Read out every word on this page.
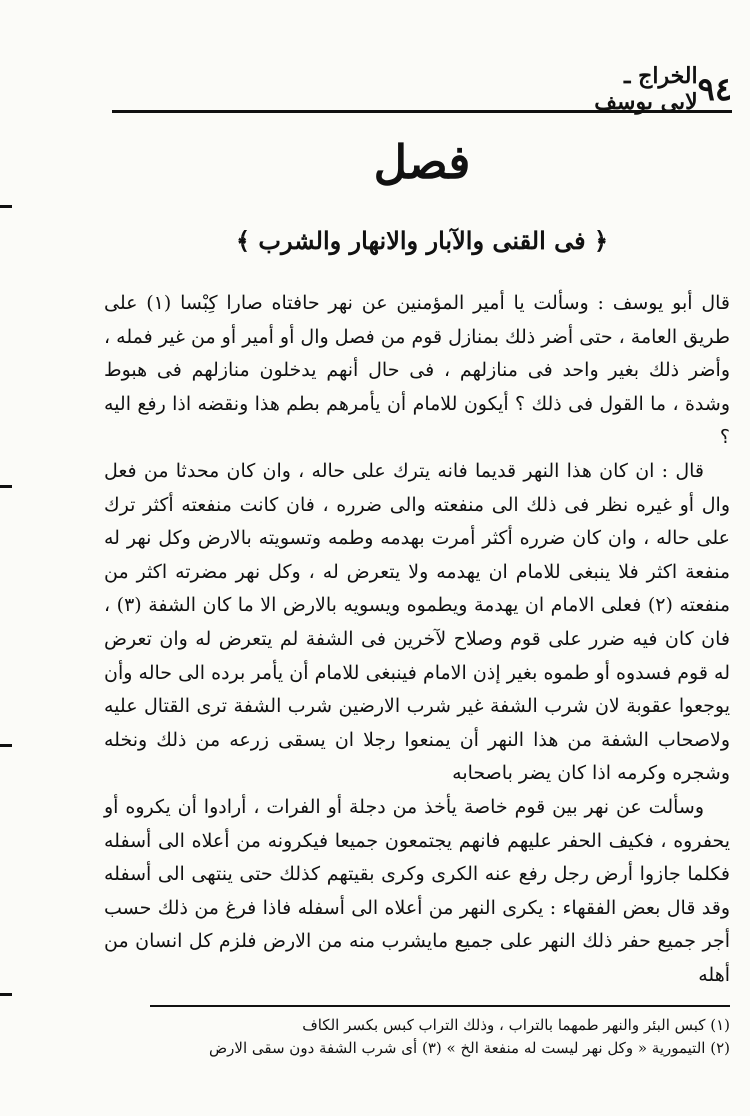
٩٤
الخراج ـ لابى يوسف
فصل
﴿ فى القنى والآبار والانهار والشرب ﴾

قال أبو يوسف : وسألت يا أمير المؤمنين عن نهر حافتاه صارا كِبْسا (١) على طريق العامة ، حتى أضر ذلك بمنازل قوم من فصل وال أو أمير أو من غير فمله ، وأضر ذلك بغير واحد فى منازلهم ، فى حال أنهم يدخلون منازلهم فى هبوط وشدة ، ما القول فى ذلك ؟ أيكون للامام أن يأمرهم بطم هذا ونقضه اذا رفع اليه ؟

قال : ان كان هذا النهر قديما فانه يترك على حاله ، وان كان محدثا من فعل وال أو غيره نظر فى ذلك الى منفعته والى ضرره ، فان كانت منفعته أكثر ترك على حاله ، وان كان ضرره أكثر أمرت بهدمه وطمه وتسويته بالارض وكل نهر له منفعة اكثر فلا ينبغى للامام ان يهدمه ولا يتعرض له ، وكل نهر مضرته اكثر من منفعته (٢) فعلى الامام ان يهدمة ويطموه ويسويه بالارض الا ما كان الشفة (٣) ، فان كان فيه ضرر على قوم وصلاح لآخرين فى الشفة لم يتعرض له وان تعرض له قوم فسدوه أو طموه بغير إذن الامام فينبغى للامام أن يأمر برده الى حاله وأن يوجعوا عقوبة لان شرب الشفة غير شرب الارضين شرب الشفة ترى القتال عليه ولاصحاب الشفة من هذا النهر أن يمنعوا رجلا ان يسقى زرعه من ذلك ونخله وشجره وكرمه اذا كان يضر باصحابه

وسألت عن نهر بين قوم خاصة يأخذ من دجلة أو الفرات ، أرادوا أن يكروه أو يحفروه ، فكيف الحفر عليهم فانهم يجتمعون جميعا فيكرونه من أعلاه الى أسفله فكلما جازوا أرض رجل رفع عنه الكرى وكرى بقيتهم كذلك حتى ينتهى الى أسفله وقد قال بعض الفقهاء : يكرى النهر من أعلاه الى أسفله فاذا فرغ من ذلك حسب أجر جميع حفر ذلك النهر على جميع مايشرب منه من الارض فلزم كل انسان من أهله

(١) كبس البئر والنهر طمهما بالتراب ، وذلك التراب كبس بكسر الكاف

(٢) التيمورية « وكل نهر ليست له منفعة الخ » (٣) أى شرب الشفة دون سقى الارض
